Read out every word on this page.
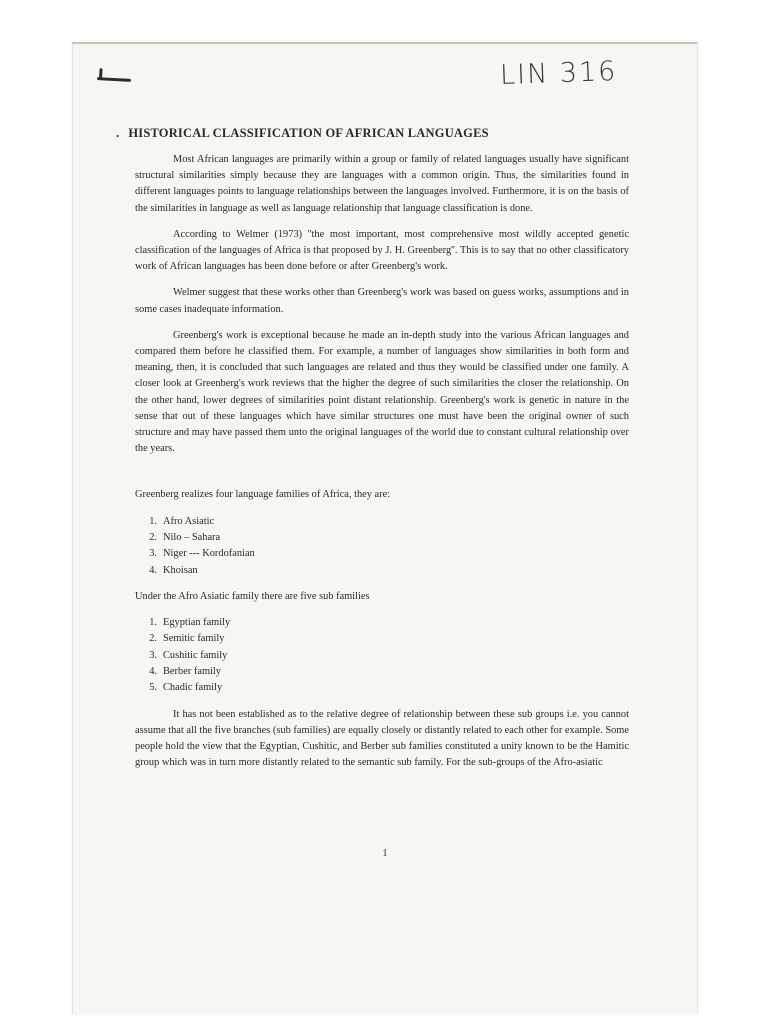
LIN 316
. HISTORICAL CLASSIFICATION OF AFRICAN LANGUAGES

Most African languages are primarily within a group or family of related languages usually have significant structural similarities simply because they are languages with a common origin. Thus, the similarities found in different languages points to language relationships between the languages involved. Furthermore, it is on the basis of the similarities in language as well as language relationship that language classification is done.

According to Welmer (1973) ''the most important, most comprehensive most wildly accepted genetic classification of the languages of Africa is that proposed by J. H. Greenberg''. This is to say that no other classificatory work of African languages has been done before or after Greenberg's work.

Welmer suggest that these works other than Greenberg's work was based on guess works, assumptions and in some cases inadequate information.

Greenberg's work is exceptional because he made an in-depth study into the various African languages and compared them before he classified them. For example, a number of languages show similarities in both form and meaning, then, it is concluded that such languages are related and thus they would be classified under one family. A closer look at Greenberg's work reviews that the higher the degree of such similarities the closer the relationship. On the other hand, lower degrees of similarities point distant relationship. Greenberg's work is genetic in nature in the sense that out of these languages which have similar structures one must have been the original owner of such structure and may have passed them unto the original languages of the world due to constant cultural relationship over the years.

Greenberg realizes four language families of Africa, they are:

1. Afro Asiatic
2. Nilo – Sahara
3. Niger --- Kordofanian
4. Khoisan

Under the Afro Asiatic family there are five sub families

1. Egyptian family
2. Semitic family
3. Cushitic family
4. Berber family
5. Chadic family

It has not been established as to the relative degree of relationship between these sub groups i.e. you cannot assume that all the five branches (sub families) are equally closely or distantly related to each other for example. Some people hold the view that the Egyptian, Cushitic, and Berber sub families constituted a unity known to be the Hamitic group which was in turn more distantly related to the semantic sub family. For the sub-groups of the Afro-asiatic

1
